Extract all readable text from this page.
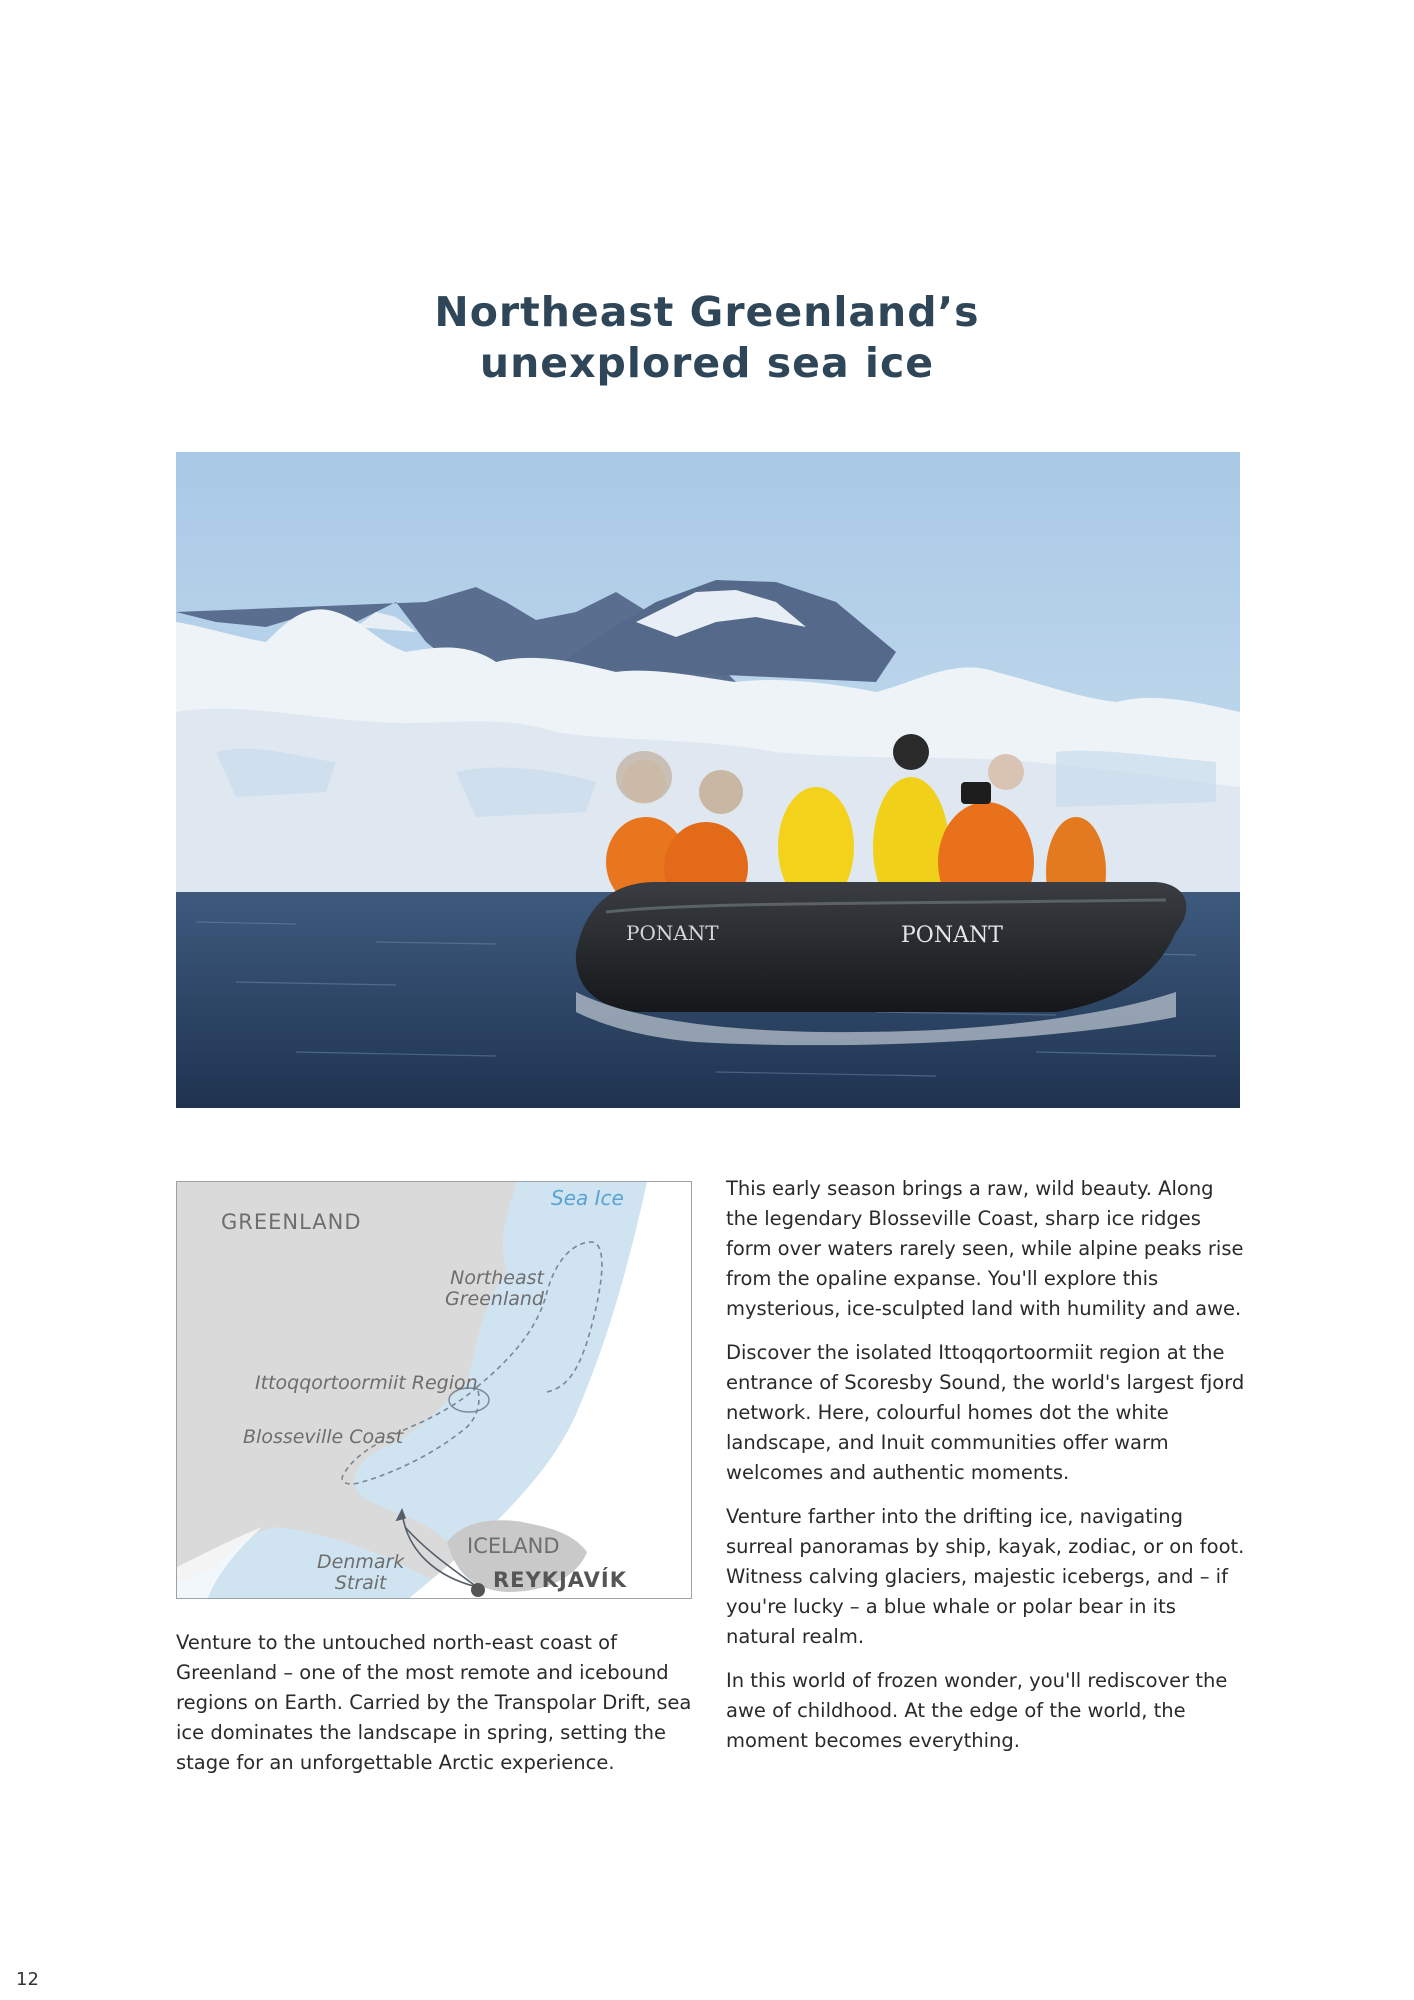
Northeast Greenland’s
unexplored sea ice
PONANT	PONANT
GREENLAND
Sea Ice
Northeast
Greenland
Ittoqqortoormiit Region
Blosseville Coast
Denmark
Strait
ICELAND
REYKJAVÍK

Venture to the untouched north-east coast of Greenland – one of the most remote and icebound regions on Earth. Carried by the Transpolar Drift, sea ice dominates the landscape in spring, setting the stage for an unforgettable Arctic experience.

This early season brings a raw, wild beauty. Along the legendary Blosseville Coast, sharp ice ridges form over waters rarely seen, while alpine peaks rise from the opaline expanse. You'll explore this mysterious, ice-sculpted land with humility and awe.

Discover the isolated Ittoqqortoormiit region at the entrance of Scoresby Sound, the world's largest fjord network. Here, colourful homes dot the white landscape, and Inuit communities offer warm welcomes and authentic moments.

Venture farther into the drifting ice, navigating surreal panoramas by ship, kayak, zodiac, or on foot. Witness calving glaciers, majestic icebergs, and – if you're lucky – a blue whale or polar bear in its natural realm.

In this world of frozen wonder, you'll rediscover the awe of childhood. At the edge of the world, the moment becomes everything.

12
